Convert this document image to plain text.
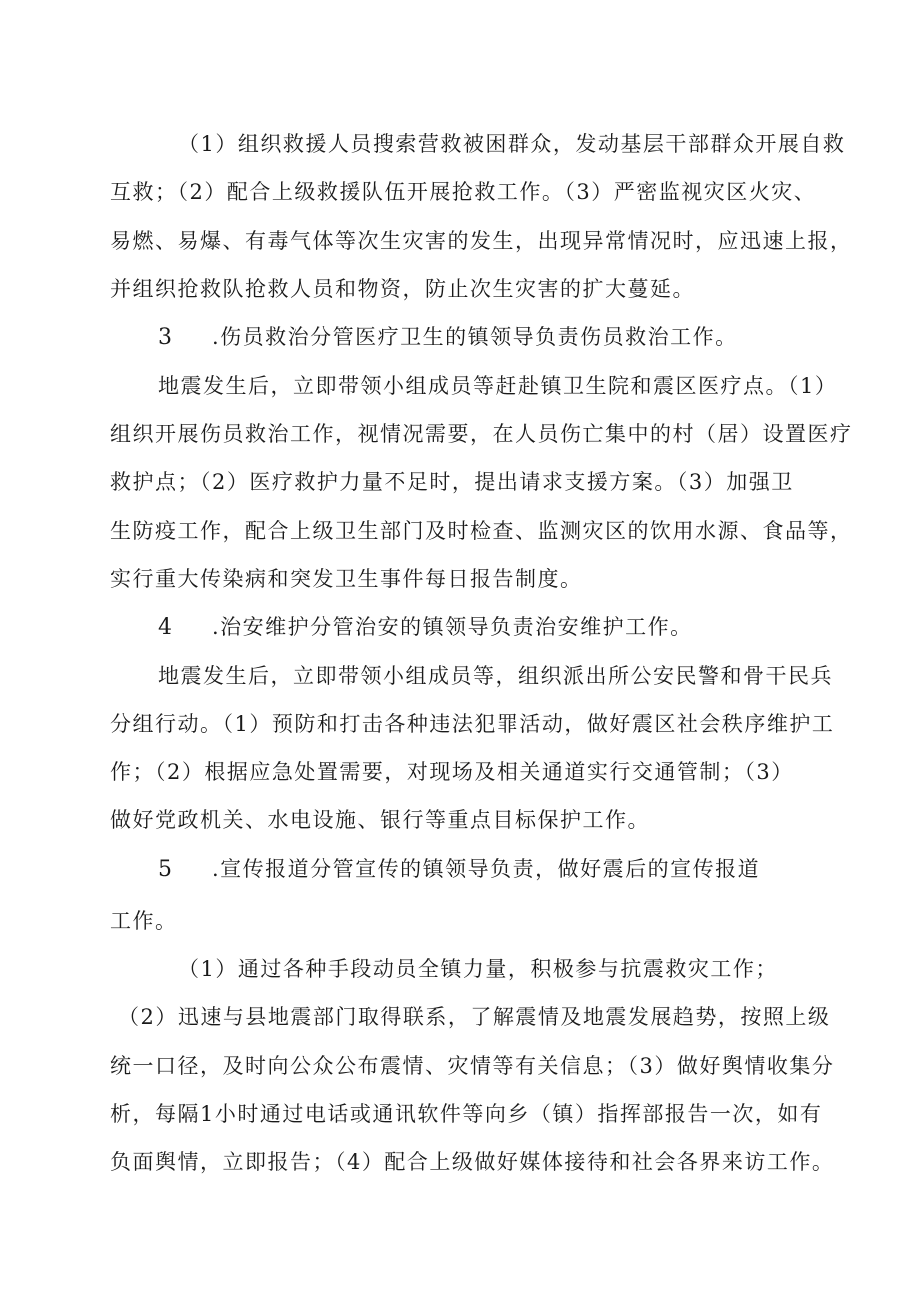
（1）组织救援人员搜索营救被困群众，发动基层干部群众开展自救
互救；（2）配合上级救援队伍开展抢救工作。（3）严密监视灾区火灾、
易燃、易爆、有毒气体等次生灾害的发生，出现异常情况时，应迅速上报，
并组织抢救队抢救人员和物资，防止次生灾害的扩大蔓延。
3 .伤员救治分管医疗卫生的镇领导负责伤员救治工作。
地震发生后，立即带领小组成员等赶赴镇卫生院和震区医疗点。（1）
组织开展伤员救治工作，视情况需要，在人员伤亡集中的村（居）设置医疗
救护点；（2）医疗救护力量不足时，提出请求支援方案。（3）加强卫
生防疫工作，配合上级卫生部门及时检查、监测灾区的饮用水源、食品等，
实行重大传染病和突发卫生事件每日报告制度。
4 .治安维护分管治安的镇领导负责治安维护工作。
地震发生后，立即带领小组成员等，组织派出所公安民警和骨干民兵
分组行动。（1）预防和打击各种违法犯罪活动，做好震区社会秩序维护工
作；（2）根据应急处置需要，对现场及相关通道实行交通管制；（3）
做好党政机关、水电设施、银行等重点目标保护工作。
5 .宣传报道分管宣传的镇领导负责，做好震后的宣传报道
工作。
（1）通过各种手段动员全镇力量，积极参与抗震救灾工作；
（2）迅速与县地震部门取得联系，了解震情及地震发展趋势，按照上级
统一口径，及时向公众公布震情、灾情等有关信息；（3）做好舆情收集分
析，每隔1小时通过电话或通讯软件等向乡（镇）指挥部报告一次，如有
负面舆情，立即报告；（4）配合上级做好媒体接待和社会各界来访工作。
